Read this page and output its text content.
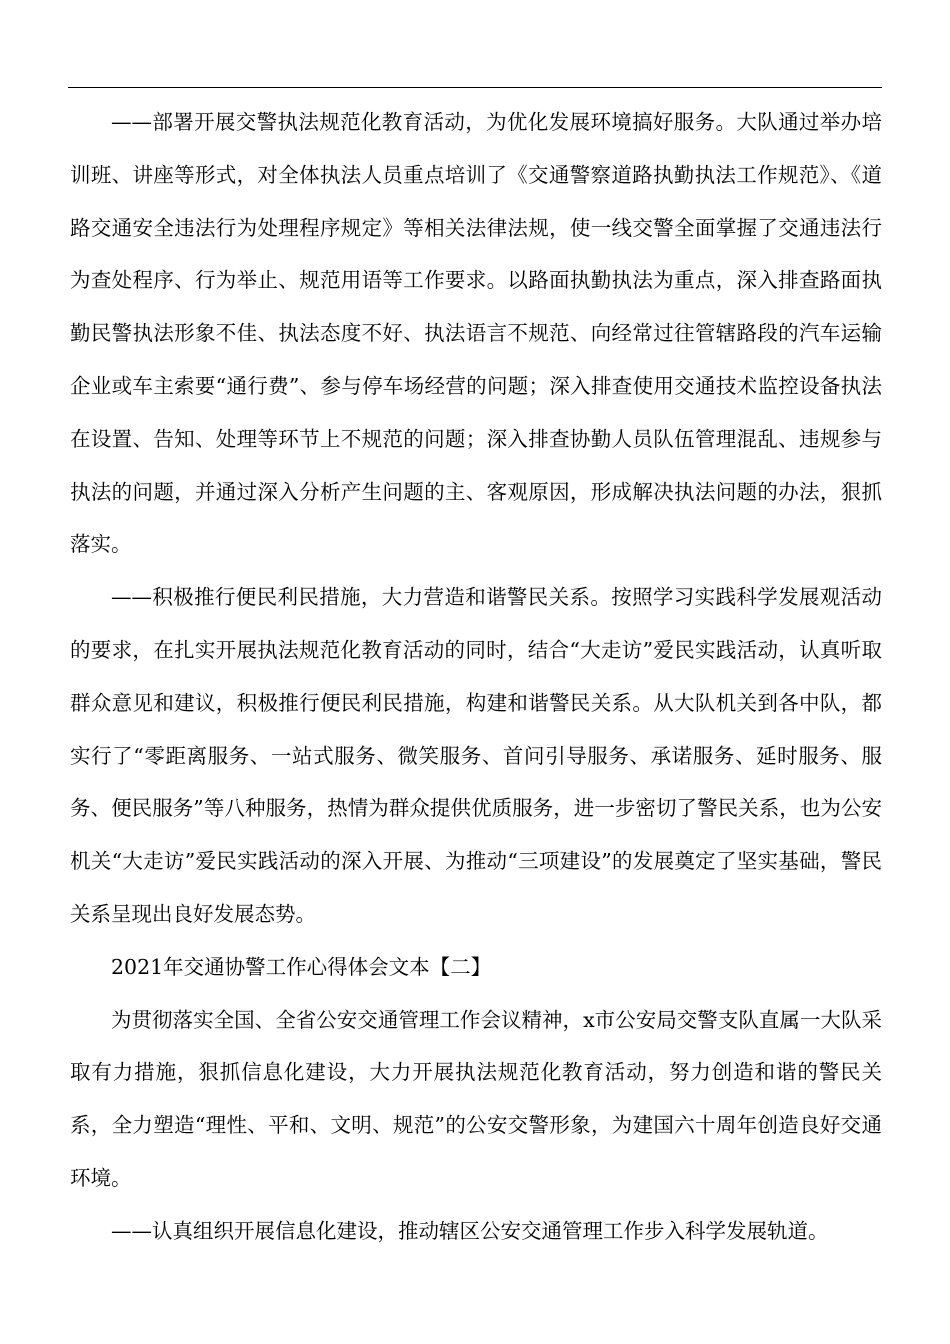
——部署开展交警执法规范化教育活动，为优化发展环境搞好服务。大队通过举办培训班、讲座等形式，对全体执法人员重点培训了《交通警察道路执勤执法工作规范》、《道路交通安全违法行为处理程序规定》等相关法律法规，使一线交警全面掌握了交通违法行为查处程序、行为举止、规范用语等工作要求。以路面执勤执法为重点，深入排查路面执勤民警执法形象不佳、执法态度不好、执法语言不规范、向经常过往管辖路段的汽车运输企业或车主索要“通行费”、参与停车场经营的问题；深入排查使用交通技术监控设备执法在设置、告知、处理等环节上不规范的问题；深入排查协勤人员队伍管理混乱、违规参与执法的问题，并通过深入分析产生问题的主、客观原因，形成解决执法问题的办法，狠抓落实。

——积极推行便民利民措施，大力营造和谐警民关系。按照学习实践科学发展观活动的要求，在扎实开展执法规范化教育活动的同时，结合“大走访”爱民实践活动，认真听取群众意见和建议，积极推行便民利民措施，构建和谐警民关系。从大队机关到各中队，都实行了“零距离服务、一站式服务、微笑服务、首问引导服务、承诺服务、延时服务、服务、便民服务”等八种服务，热情为群众提供优质服务，进一步密切了警民关系，也为公安机关“大走访”爱民实践活动的深入开展、为推动“三项建设”的发展奠定了坚实基础，警民关系呈现出良好发展态势。

2021年交通协警工作心得体会文本【二】

为贯彻落实全国、全省公安交通管理工作会议精神，x市公安局交警支队直属一大队采取有力措施，狠抓信息化建设，大力开展执法规范化教育活动，努力创造和谐的警民关系，全力塑造“理性、平和、文明、规范”的公安交警形象，为建国六十周年创造良好交通环境。

——认真组织开展信息化建设，推动辖区公安交通管理工作步入科学发展轨道。
